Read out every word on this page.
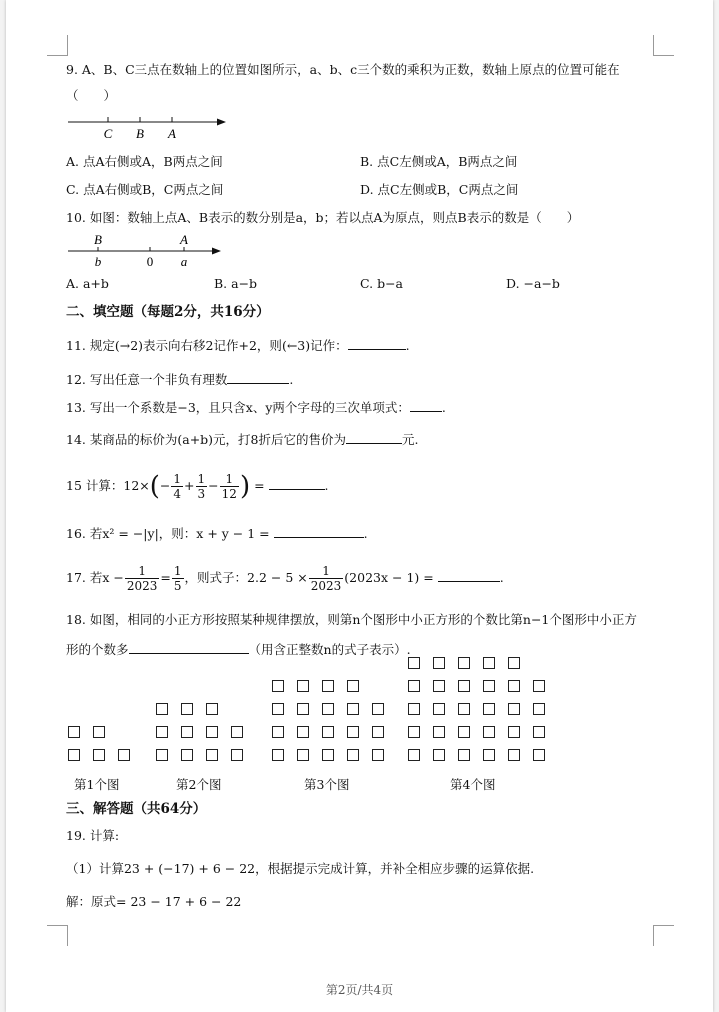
9. A、B、C三点在数轴上的位置如图所示，a、b、c三个数的乘积为正数，数轴上原点的位置可能在
（　　）
C B A
A. 点A右侧或A，B两点之间	B. 点C左侧或A，B两点之间
C. 点A右侧或B，C两点之间	D. 点C左侧或B，C两点之间
10. 如图：数轴上点A、B表示的数分别是a，b；若以点A为原点，则点B表示的数是（　　）
B	A
b	0 a
A. a+b	B. a−b	C. b−a	D. −a−b
二、填空题（每题2分，共16分）
11. 规定(→2)表示向右移2记作+2，则(←3)记作：	.
12. 写出任意一个非负有理数	.
13. 写出一个系数是−3，且只含x、y两个字母的三次单项式：	.
14. 某商品的标价为(a+b)元，打8折后它的售价为	元.
15 计算：$12\times(- \frac{1}{4} + \frac{1}{3} - \frac{1}{12}$ ) =	.
16. 若x² = −|y|，则：x + y − 1 =	.
17. 若$x - \frac{1}{2023} = \frac{1}{5}$ ，则式子：$2.2 - 5 \times \frac{1}{2023} (2023x - 1)$ =	.
18. 如图，相同的小正方形按照某种规律摆放，则第n个图形中小正方形的个数比第n−1个图形中小正方
形的个数多	（用含正整数n的式子表示）.
第1个图	第2个图	第3个图	第4个图
三、解答题（共64分）
19. 计算:
（1）计算23 + (−17) + 6 − 22，根据提示完成计算，并补全相应步骤的运算依据.
解：原式= 23 − 17 + 6 − 22
第2页/共4页
